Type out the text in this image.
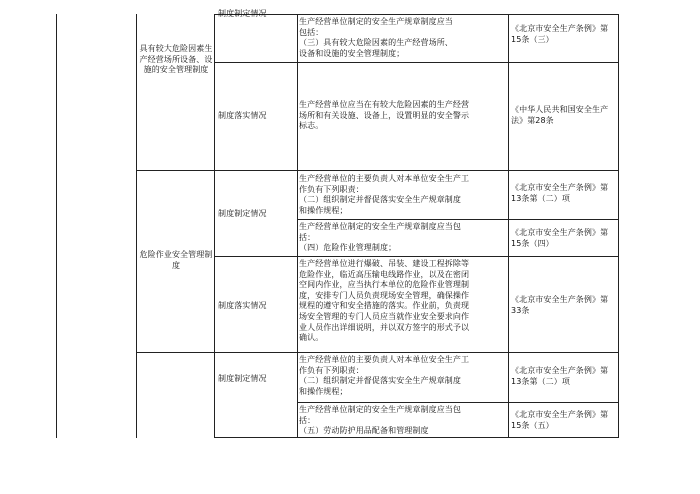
具有较大危险因素生产经营场所设备、设施的安全管理制度
制度制定情况
生产经营单位制定的安全生产规章制度应当
包括：
（三）具有较大危险因素的生产经营场所、
设备和设施的安全管理制度；
《北京市安全生产条例》第
15条（三）
制度落实情况
生产经营单位应当在有较大危险因素的生产经营
场所和有关设施、设备上，设置明显的安全警示
标志。
《中华人民共和国安全生产
法》第28条
危险作业安全管理制度
制度制定情况
生产经营单位的主要负责人对本单位安全生产工
作负有下列职责：
（二）组织制定并督促落实安全生产规章制度
和操作规程；
《北京市安全生产条例》第
13条第（二）项
生产经营单位制定的安全生产规章制度应当包
括：
（四）危险作业管理制度；
《北京市安全生产条例》第
15条（四）
制度落实情况
生产经营单位进行爆破、吊装、建设工程拆除等
危险作业，临近高压输电线路作业，以及在密闭
空间内作业，应当执行本单位的危险作业管理制
度，安排专门人员负责现场安全管理，确保操作
规程的遵守和安全措施的落实。作业前，负责现
场安全管理的专门人员应当就作业安全要求向作
业人员作出详细说明，并以双方签字的形式予以
确认。
《北京市安全生产条例》第
33条
制度制定情况
生产经营单位的主要负责人对本单位安全生产工
作负有下列职责：
（二）组织制定并督促落实安全生产规章制度
和操作规程；
《北京市安全生产条例》第
13条第（二）项
生产经营单位制定的安全生产规章制度应当包
括：
（五）劳动防护用品配备和管理制度
《北京市安全生产条例》第
15条（五）
